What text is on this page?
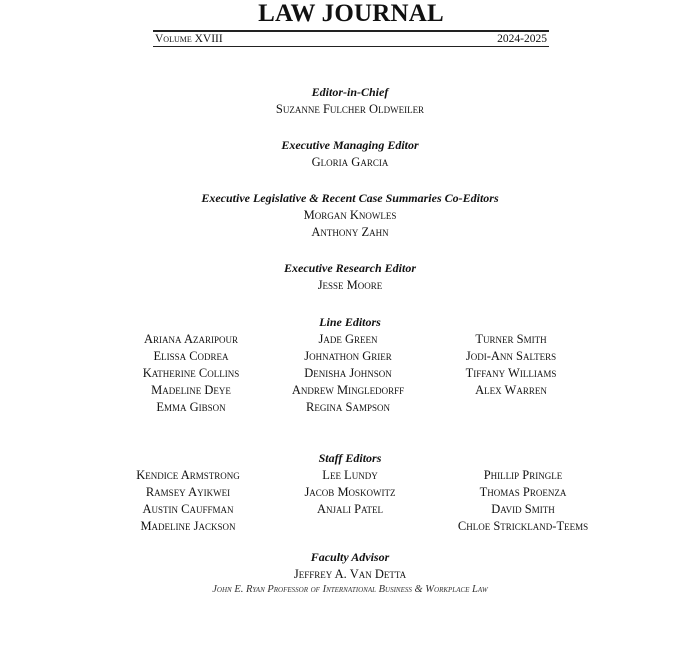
LAW JOURNAL
Volume XVIII	2024-2025

Editor-in-Chief

Suzanne Fulcher Oldweiler

Executive Managing Editor

Gloria Garcia

Executive Legislative & Recent Case Summaries Co-Editors

Morgan Knowles

Anthony Zahn

Executive Research Editor

Jesse Moore

Line Editors

Ariana Azaripour

Elissa Codrea

Katherine Collins

Madeline Deye

Emma Gibson

Jade Green

Johnathon Grier

Denisha Johnson

Andrew Mingledorff

Regina Sampson

Turner Smith

Jodi-Ann Salters

Tiffany Williams

Alex Warren

Staff Editors

Kendice Armstrong

Ramsey Ayikwei

Austin Cauffman

Madeline Jackson

Lee Lundy

Jacob Moskowitz

Anjali Patel

Phillip Pringle

Thomas Proenza

David Smith

Chloe Strickland-Teems

Faculty Advisor

Jeffrey A. Van Detta

John E. Ryan Professor of International Business & Workplace Law
